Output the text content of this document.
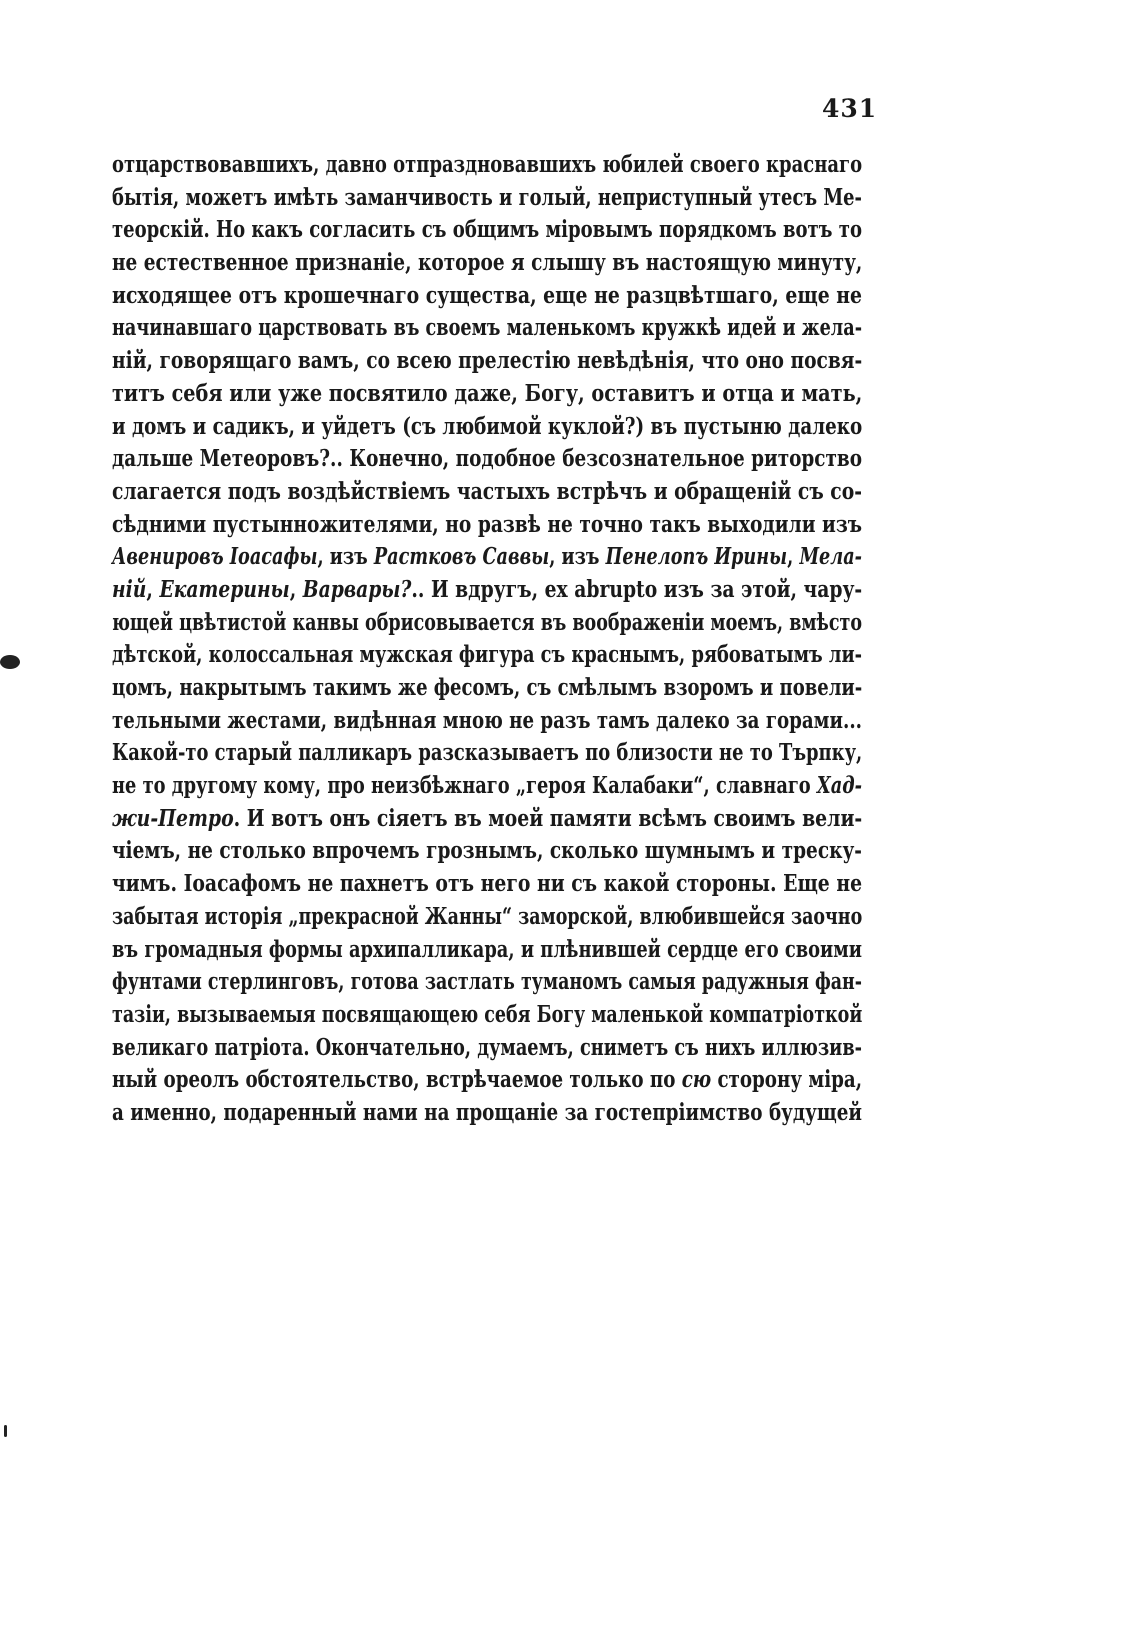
431
отцарствовавшихъ, давно отпраздновавшихъ юбилей своего краснаго
бытія, можетъ имѣть заманчивость и голый, неприступный утесъ Ме-
теорскій. Но какъ согласить съ общимъ міровымъ порядкомъ вотъ то
не естественное признаніе, которое я слышу въ настоящую минуту,
исходящее отъ крошечнаго существа, еще не разцвѣтшаго, еще не
начинавшаго царствовать въ своемъ маленькомъ кружкѣ идей и жела-
ній, говорящаго вамъ, со всею прелестію невѣдѣнія, что оно посвя-
титъ себя или уже посвятило даже, Богу, оставитъ и отца и мать,
и домъ и садикъ, и уйдетъ (съ любимой куклой?) въ пустыню далеко
дальше Метеоровъ?.. Конечно, подобное безсознательное риторство
слагается подъ воздѣйствіемъ частыхъ встрѣчъ и обращеній съ со-
сѣдними пустынножителями, но развѣ не точно такъ выходили изъ
Авенировъ Іоасафы, изъ Растковъ Саввы, изъ Пенелопъ Ирины, Мела-
ній, Екатерины, Варвары?.. И вдругъ, ex abrupto изъ за этой, чару-
ющей цвѣтистой канвы обрисовывается въ воображеніи моемъ, вмѣсто
дѣтской, колоссальная мужская фигура съ краснымъ, рябоватымъ ли-
цомъ, накрытымъ такимъ же фесомъ, съ смѣлымъ взоромъ и повели-
тельными жестами, видѣнная мною не разъ тамъ далеко за горами...
Какой-то старый палликаръ разсказываетъ по близости не то Търпку,
не то другому кому, про неизбѣжнаго „героя Калабаки“, славнаго Хад-
жи-Петро. И вотъ онъ сіяетъ въ моей памяти всѣмъ своимъ вели-
чіемъ, не столько впрочемъ грознымъ, сколько шумнымъ и треску-
чимъ. Іоасафомъ не пахнетъ отъ него ни съ какой стороны. Еще не
забытая исторія „прекрасной Жанны“ заморской, влюбившейся заочно
въ громадныя формы архипалликара, и плѣнившей сердце его своими
фунтами стерлинговъ, готова застлать туманомъ самыя радужныя фан-
тазіи, вызываемыя посвящающею себя Богу маленькой компатріоткой
великаго патріота. Окончательно, думаемъ, сниметъ съ нихъ иллюзив-
ный ореолъ обстоятельство, встрѣчаемое только по сю сторону міра,
а именно, подаренный нами на прощаніе за гостепріимство будущей
